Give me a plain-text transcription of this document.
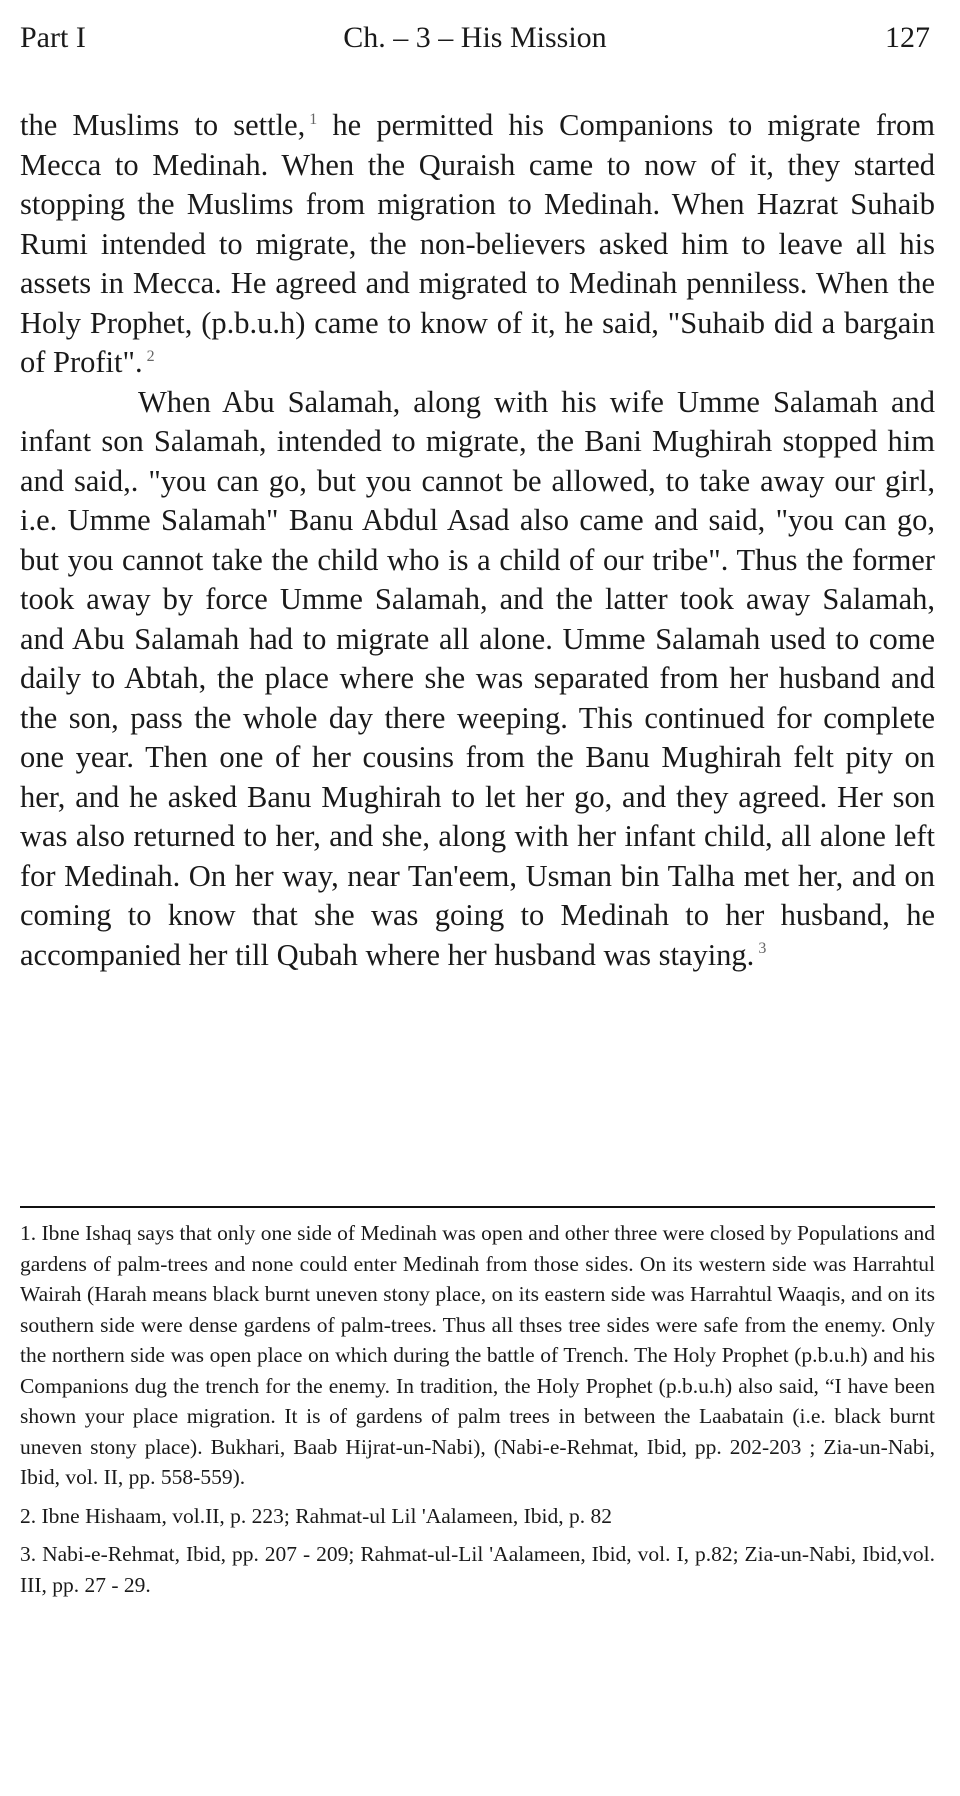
Part I	Ch. – 3 – His Mission	127

the Muslims to settle, $^1$ he permitted his Companions to migrate from Mecca to Medinah. When the Quraish came to now of it, they started stopping the Muslims from migration to Medinah. When Hazrat Suhaib Rumi intended to migrate, the non-believers asked him to leave all his assets in Mecca. He agreed and migrated to Medinah penniless. When the Holy Prophet, (p.b.u.h) came to know of it, he said, "Suhaib did a bargain of Profit". $^2$

When Abu Salamah, along with his wife Umme Salamah and infant son Salamah, intended to migrate, the Bani Mughirah stopped him and said,. "you can go, but you cannot be allowed, to take away our girl, i.e. Umme Salamah" Banu Abdul Asad also came and said, "you can go, but you cannot take the child who is a child of our tribe". Thus the former took away by force Umme Salamah, and the latter took away Salamah, and Abu Salamah had to migrate all alone. Umme Salamah used to come daily to Abtah, the place where she was separated from her husband and the son, pass the whole day there weeping. This continued for complete one year. Then one of her cousins from the Banu Mughirah felt pity on her, and he asked Banu Mughirah to let her go, and they agreed. Her son was also returned to her, and she, along with her infant child, all alone left for Medinah. On her way, near Tan'eem, Usman bin Talha met her, and on coming to know that she was going to Medinah to her husband, he accompanied her till Qubah where her husband was staying. $^3$

1. Ibne Ishaq says that only one side of Medinah was open and other three were closed by Populations and gardens of palm-trees and none could enter Medinah from those sides. On its western side was Harrahtul Wairah (Harah means black burnt uneven stony place, on its eastern side was Harrahtul Waaqis, and on its southern side were dense gardens of palm-trees. Thus all thses tree sides were safe from the enemy. Only the northern side was open place on which during the battle of Trench. The Holy Prophet (p.b.u.h) and his Companions dug the trench for the enemy. In tradition, the Holy Prophet (p.b.u.h) also said, “I have been shown your place migration. It is of gardens of palm trees in between the Laabatain (i.e. black burnt uneven stony place). Bukhari, Baab Hijrat-un-Nabi), (Nabi-e-Rehmat, Ibid, pp. 202-203 ; Zia-un-Nabi, Ibid, vol. II, pp. 558-559).

2. Ibne Hishaam, vol.II, p. 223; Rahmat-ul Lil 'Aalameen, Ibid, p. 82

3. Nabi-e-Rehmat, Ibid, pp. 207 - 209; Rahmat-ul-Lil 'Aalameen, Ibid, vol. I, p.82; Zia-un-Nabi, Ibid,vol. III, pp. 27 - 29.
